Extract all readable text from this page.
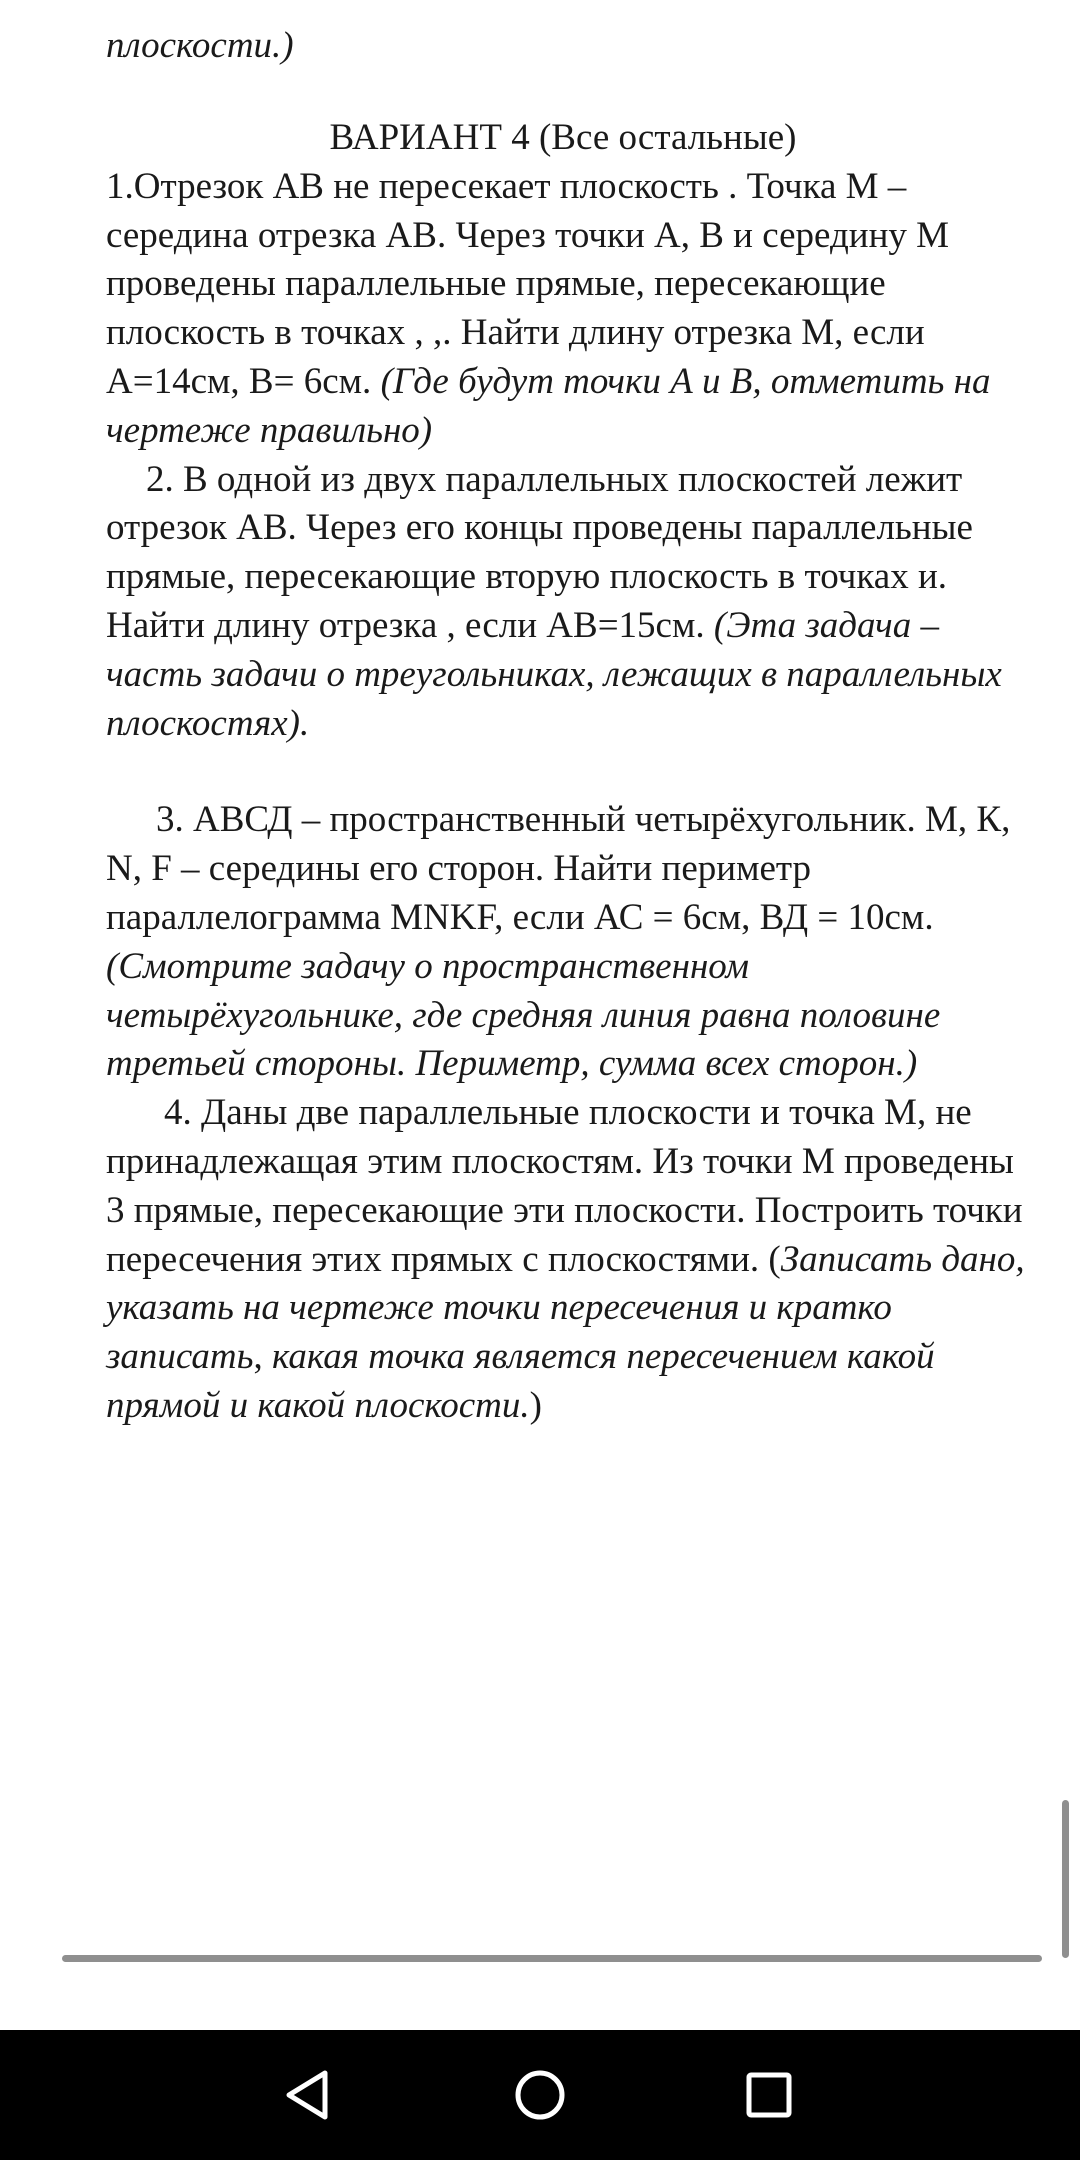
плоскости.)

ВАРИАНТ 4 (Все остальные)

1.Отрезок АВ не пересекает плоскость . Точка М – середина отрезка АВ. Через точки А, В и середину М проведены параллельные прямые, пересекающие плоскость в точках , ,. Найти длину отрезка М, если А=14см, В= 6см. (Где будут точки А и В, отметить на чертеже правильно)

2. В одной из двух параллельных плоскостей лежит отрезок АВ. Через его концы проведены параллельные прямые, пересекающие вторую плоскость в точках и. Найти длину отрезка , если АВ=15см. (Эта задача – часть задачи о треугольниках, лежащих в параллельных плоскостях).

3. АВСД – пространственный четырёхугольник. М, К, N, F – середины его сторон. Найти периметр параллелограмма MNKF, если АС = 6см, ВД = 10см. (Смотрите задачу о пространственном четырёхугольнике, где средняя линия равна половине третьей стороны. Периметр, сумма всех сторон.)

4. Даны две параллельные плоскости и точка М, не принадлежащая этим плоскостям. Из точки М проведены 3 прямые, пересекающие эти плоскости. Построить точки пересечения этих прямых с плоскостями. (Записать дано, указать на чертеже точки пересечения и кратко записать, какая точка является пересечением какой прямой и какой плоскости.)
